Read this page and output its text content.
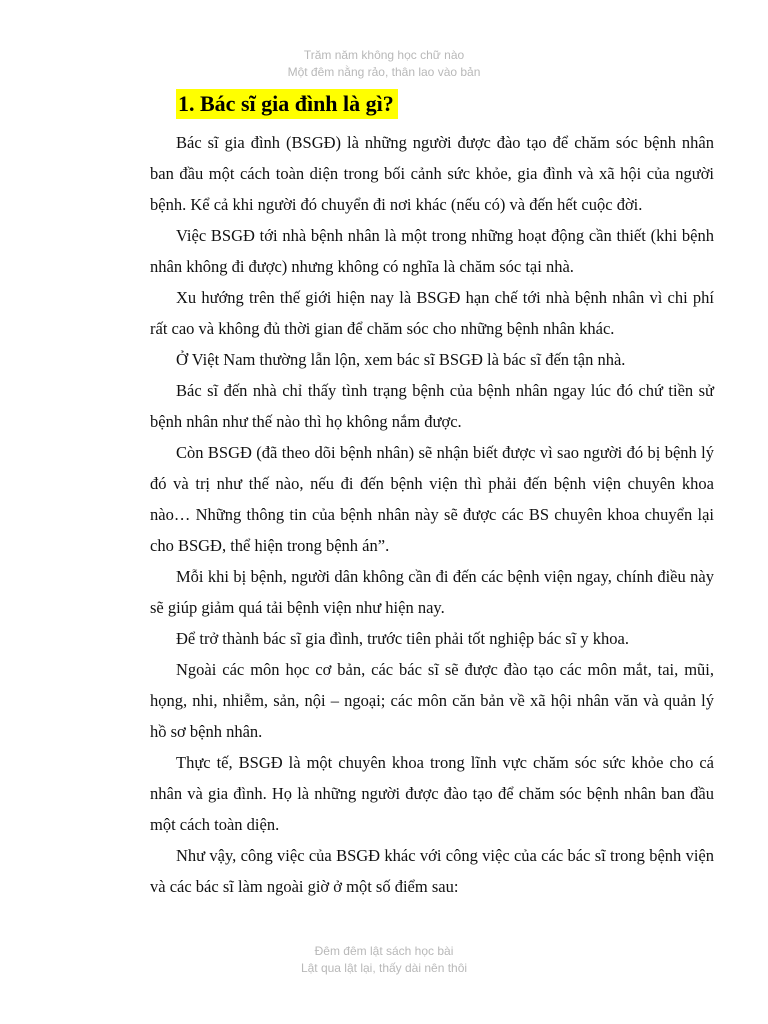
Trăm năm không học chữ nào
Một đêm nằng rảo, thân lao vào bản
1. Bác sĩ gia đình là gì?

Bác sĩ gia đình (BSGĐ) là những người được đào tạo để chăm sóc bệnh nhân ban đầu một cách toàn diện trong bối cảnh sức khỏe, gia đình và xã hội của người bệnh. Kể cả khi người đó chuyển đi nơi khác (nếu có) và đến hết cuộc đời.

Việc BSGĐ tới nhà bệnh nhân là một trong những hoạt động cần thiết (khi bệnh nhân không đi được) nhưng không có nghĩa là chăm sóc tại nhà.

Xu hướng trên thế giới hiện nay là BSGĐ hạn chế tới nhà bệnh nhân vì chi phí rất cao và không đủ thời gian để chăm sóc cho những bệnh nhân khác.

Ở Việt Nam thường lẫn lộn, xem bác sĩ BSGĐ là bác sĩ đến tận nhà.

Bác sĩ đến nhà chỉ thấy tình trạng bệnh của bệnh nhân ngay lúc đó chứ tiền sử bệnh nhân như thế nào thì họ không nắm được.

Còn BSGĐ (đã theo dõi bệnh nhân) sẽ nhận biết được vì sao người đó bị bệnh lý đó và trị như thế nào, nếu đi đến bệnh viện thì phải đến bệnh viện chuyên khoa nào… Những thông tin của bệnh nhân này sẽ được các BS chuyên khoa chuyển lại cho BSGĐ, thể hiện trong bệnh án”.

Mỗi khi bị bệnh, người dân không cần đi đến các bệnh viện ngay, chính điều này sẽ giúp giảm quá tải bệnh viện như hiện nay.

Để trở thành bác sĩ gia đình, trước tiên phải tốt nghiệp bác sĩ y khoa.

Ngoài các môn học cơ bản, các bác sĩ sẽ được đào tạo các môn mắt, tai, mũi, họng, nhi, nhiễm, sản, nội – ngoại; các môn căn bản về xã hội nhân văn và quản lý hồ sơ bệnh nhân.

Thực tế, BSGĐ là một chuyên khoa trong lĩnh vực chăm sóc sức khỏe cho cá nhân và gia đình. Họ là những người được đào tạo để chăm sóc bệnh nhân ban đầu một cách toàn diện.

Như vậy, công việc của BSGĐ khác với công việc của các bác sĩ trong bệnh viện và các bác sĩ làm ngoài giờ ở một số điểm sau:

Đêm đêm lật sách học bài
Lật qua lật lại, thấy dài nên thôi
